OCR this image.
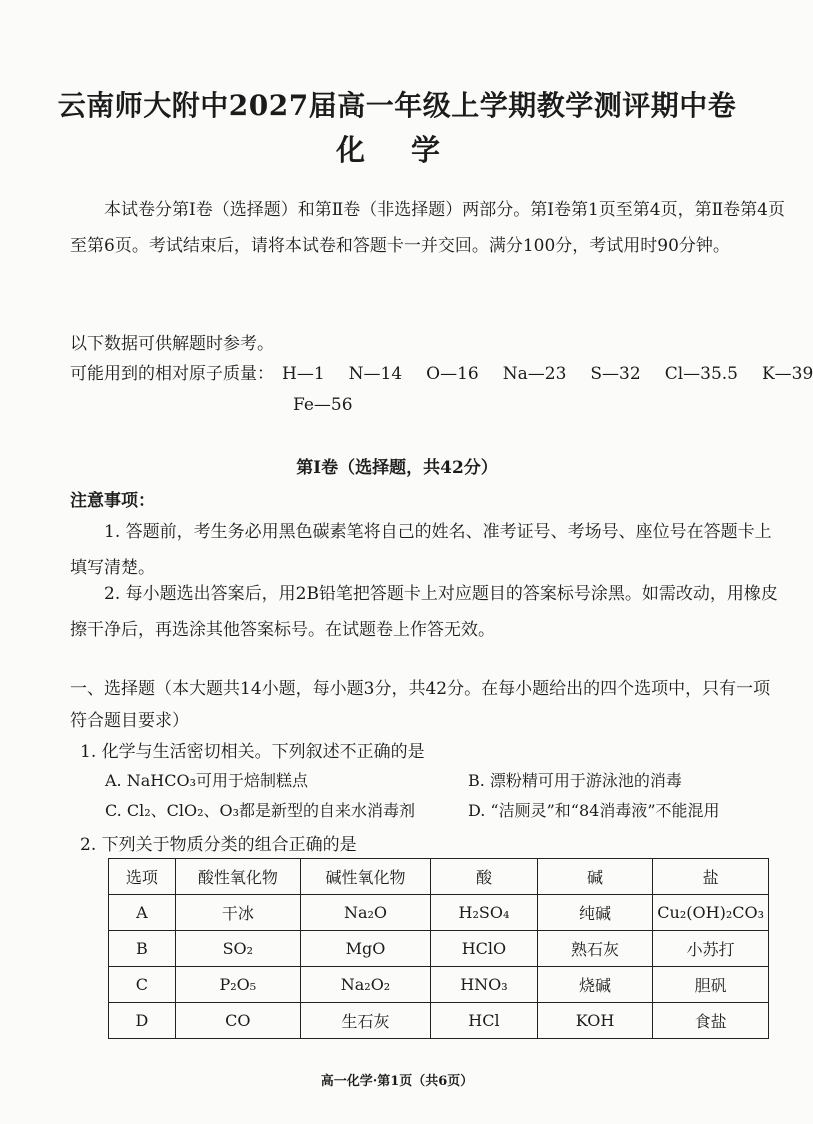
云南师大附中2027届高一年级上学期教学测评期中卷
化 学
本试卷分第Ⅰ卷（选择题）和第Ⅱ卷（非选择题）两部分。第Ⅰ卷第1页至第4页，第Ⅱ卷第4页至第6页。考试结束后，请将本试卷和答题卡一并交回。满分100分，考试用时90分钟。
以下数据可供解题时参考。
可能用到的相对原子质量： H—1 N—14 O—16 Na—23 S—32 Cl—35.5 K—39
Fe—56
第Ⅰ卷（选择题，共42分）
注意事项：
1. 答题前，考生务必用黑色碳素笔将自己的姓名、准考证号、考场号、座位号在答题卡上填写清楚。
2. 每小题选出答案后，用2B铅笔把答题卡上对应题目的答案标号涂黑。如需改动，用橡皮擦干净后，再选涂其他答案标号。在试题卷上作答无效。
一、选择题（本大题共14小题，每小题3分，共42分。在每小题给出的四个选项中，只有一项符合题目要求）
1. 化学与生活密切相关。下列叙述不正确的是
A. NaHCO₃可用于焙制糕点	B. 漂粉精可用于游泳池的消毒
C. Cl₂、ClO₂、O₃都是新型的自来水消毒剂	D. “洁厕灵”和“84消毒液”不能混用
2. 下列关于物质分类的组合正确的是
选项	酸性氧化物	碱性氧化物	酸	碱	盐
A	干冰	Na₂O	H₂SO₄	纯碱	Cu₂(OH)₂CO₃
B	SO₂	MgO	HClO	熟石灰	小苏打
C	P₂O₅	Na₂O₂	HNO₃	烧碱	胆矾
D	CO	生石灰	HCl	KOH	食盐
高一化学·第1页（共6页）
